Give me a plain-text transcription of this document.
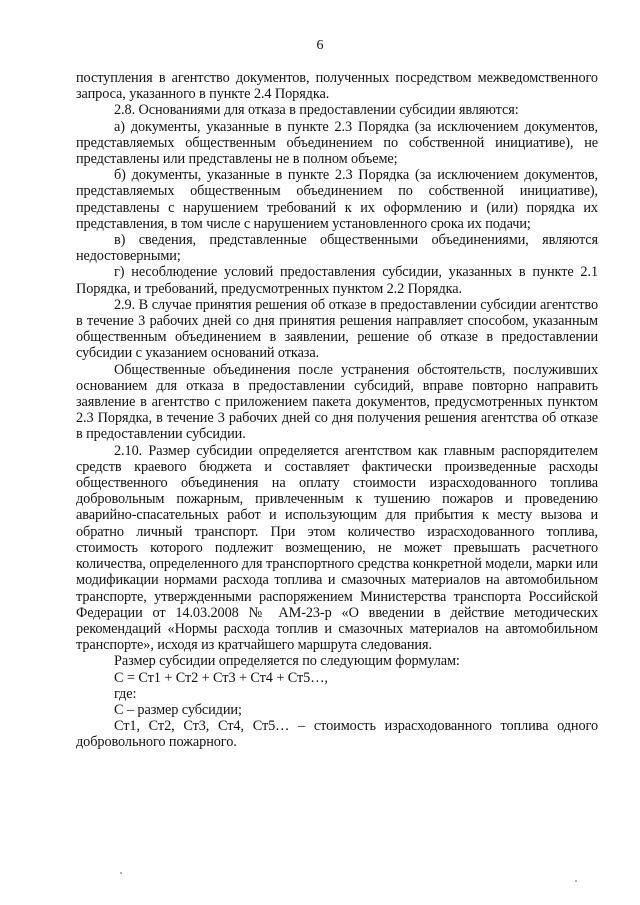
6

поступления в агентство документов, полученных посредством межведомственного запроса, указанного в пункте 2.4 Порядка.

2.8. Основаниями для отказа в предоставлении субсидии являются:

а) документы, указанные в пункте 2.3 Порядка (за исключением документов, представляемых общественным объединением по собственной инициативе), не представлены или представлены не в полном объеме;

б) документы, указанные в пункте 2.3 Порядка (за исключением документов, представляемых общественным объединением по собственной инициативе), представлены с нарушением требований к их оформлению и (или) порядка их представления, в том числе с нарушением установленного срока их подачи;

в) сведения, представленные общественными объединениями, являются недостоверными;

г) несоблюдение условий предоставления субсидии, указанных в пункте 2.1 Порядка, и требований, предусмотренных пунктом 2.2 Порядка.

2.9. В случае принятия решения об отказе в предоставлении субсидии агентство в течение 3 рабочих дней со дня принятия решения направляет способом, указанным общественным объединением в заявлении, решение об отказе в предоставлении субсидии с указанием оснований отказа.

Общественные объединения после устранения обстоятельств, послуживших основанием для отказа в предоставлении субсидий, вправе повторно направить заявление в агентство с приложением пакета документов, предусмотренных пунктом 2.3 Порядка, в течение 3 рабочих дней со дня получения решения агентства об отказе в предоставлении субсидии.

2.10. Размер субсидии определяется агентством как главным распорядителем средств краевого бюджета и составляет фактически произведенные расходы общественного объединения на оплату стоимости израсходованного топлива добровольным пожарным, привлеченным к тушению пожаров и проведению аварийно-спасательных работ и использующим для прибытия к месту вызова и обратно личный транспорт. При этом количество израсходованного топлива, стоимость которого подлежит возмещению, не может превышать расчетного количества, определенного для транспортного средства конкретной модели, марки или модификации нормами расхода топлива и смазочных материалов на автомобильном транспорте, утвержденными распоряжением Министерства транспорта Российской Федерации от 14.03.2008 № АМ-23-р «О введении в действие методических рекомендаций «Нормы расхода топлив и смазочных материалов на автомобильном транспорте», исходя из кратчайшего маршрута следования.

Размер субсидии определяется по следующим формулам:

С = Ст1 + Ст2 + Ст3 + Ст4 + Ст5…,

где:

С – размер субсидии;

Ст1, Ст2, Ст3, Ст4, Ст5… – стоимость израсходованного топлива одного добровольного пожарного.
